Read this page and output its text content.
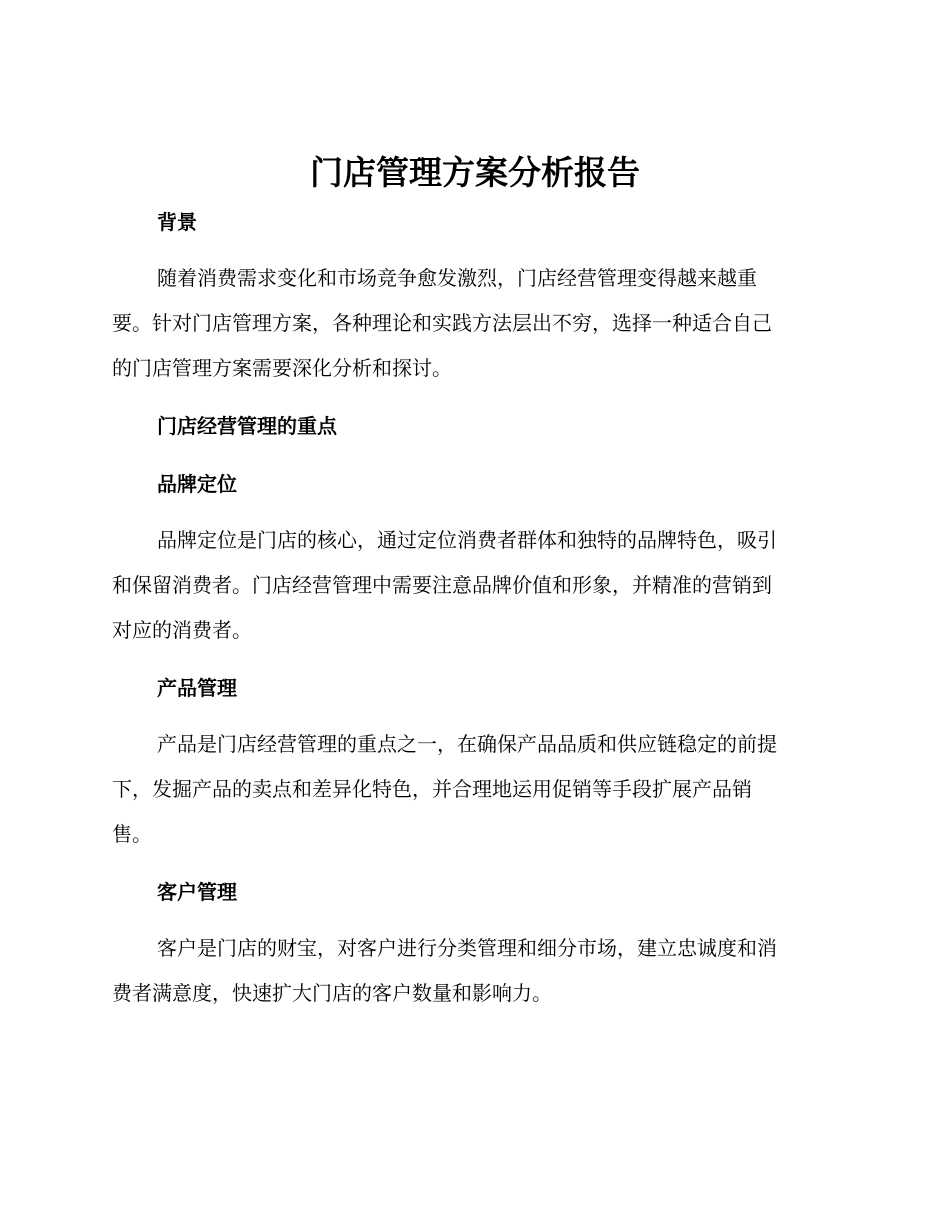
门店管理方案分析报告
背景
随着消费需求变化和市场竞争愈发激烈，门店经营管理变得越来越重
要。针对门店管理方案，各种理论和实践方法层出不穷，选择一种适合自己
的门店管理方案需要深化分析和探讨。
门店经营管理的重点
品牌定位
品牌定位是门店的核心，通过定位消费者群体和独特的品牌特色，吸引
和保留消费者。门店经营管理中需要注意品牌价值和形象，并精准的营销到
对应的消费者。
产品管理
产品是门店经营管理的重点之一，在确保产品品质和供应链稳定的前提
下，发掘产品的卖点和差异化特色，并合理地运用促销等手段扩展产品销
售。
客户管理
客户是门店的财宝，对客户进行分类管理和细分市场，建立忠诚度和消
费者满意度，快速扩大门店的客户数量和影响力。
